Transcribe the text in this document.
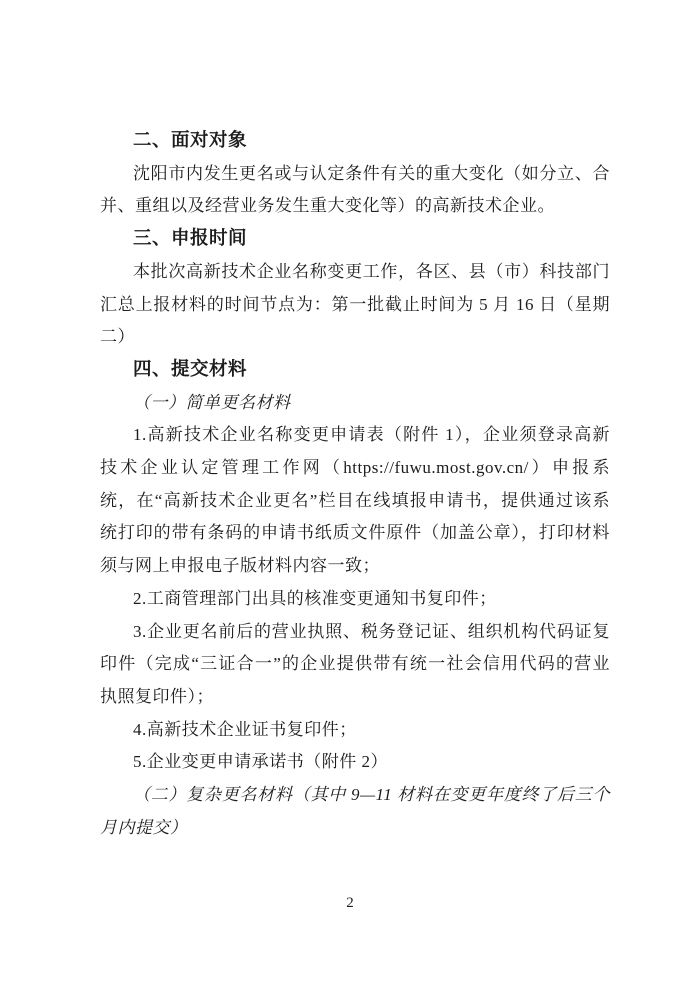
二、面对对象
沈阳市内发生更名或与认定条件有关的重大变化（如分立、合
并、重组以及经营业务发生重大变化等）的高新技术企业。
三、申报时间
本批次高新技术企业名称变更工作，各区、县（市）科技部门
汇总上报材料的时间节点为：第一批截止时间为 5 月 16 日（星期
二）
四、提交材料
（一）简单更名材料
1.高新技术企业名称变更申请表（附件 1），企业须登录高新
技术企业认定管理工作网（https://fuwu.most.gov.cn/）申报系
统，在“高新技术企业更名”栏目在线填报申请书，提供通过该系
统打印的带有条码的申请书纸质文件原件（加盖公章），打印材料
须与网上申报电子版材料内容一致；
2.工商管理部门出具的核准变更通知书复印件；
3.企业更名前后的营业执照、税务登记证、组织机构代码证复
印件（完成“三证合一”的企业提供带有统一社会信用代码的营业
执照复印件）；
4.高新技术企业证书复印件；
5.企业变更申请承诺书（附件 2）
（二）复杂更名材料（其中 9—11 材料在变更年度终了后三个
月内提交）
2
